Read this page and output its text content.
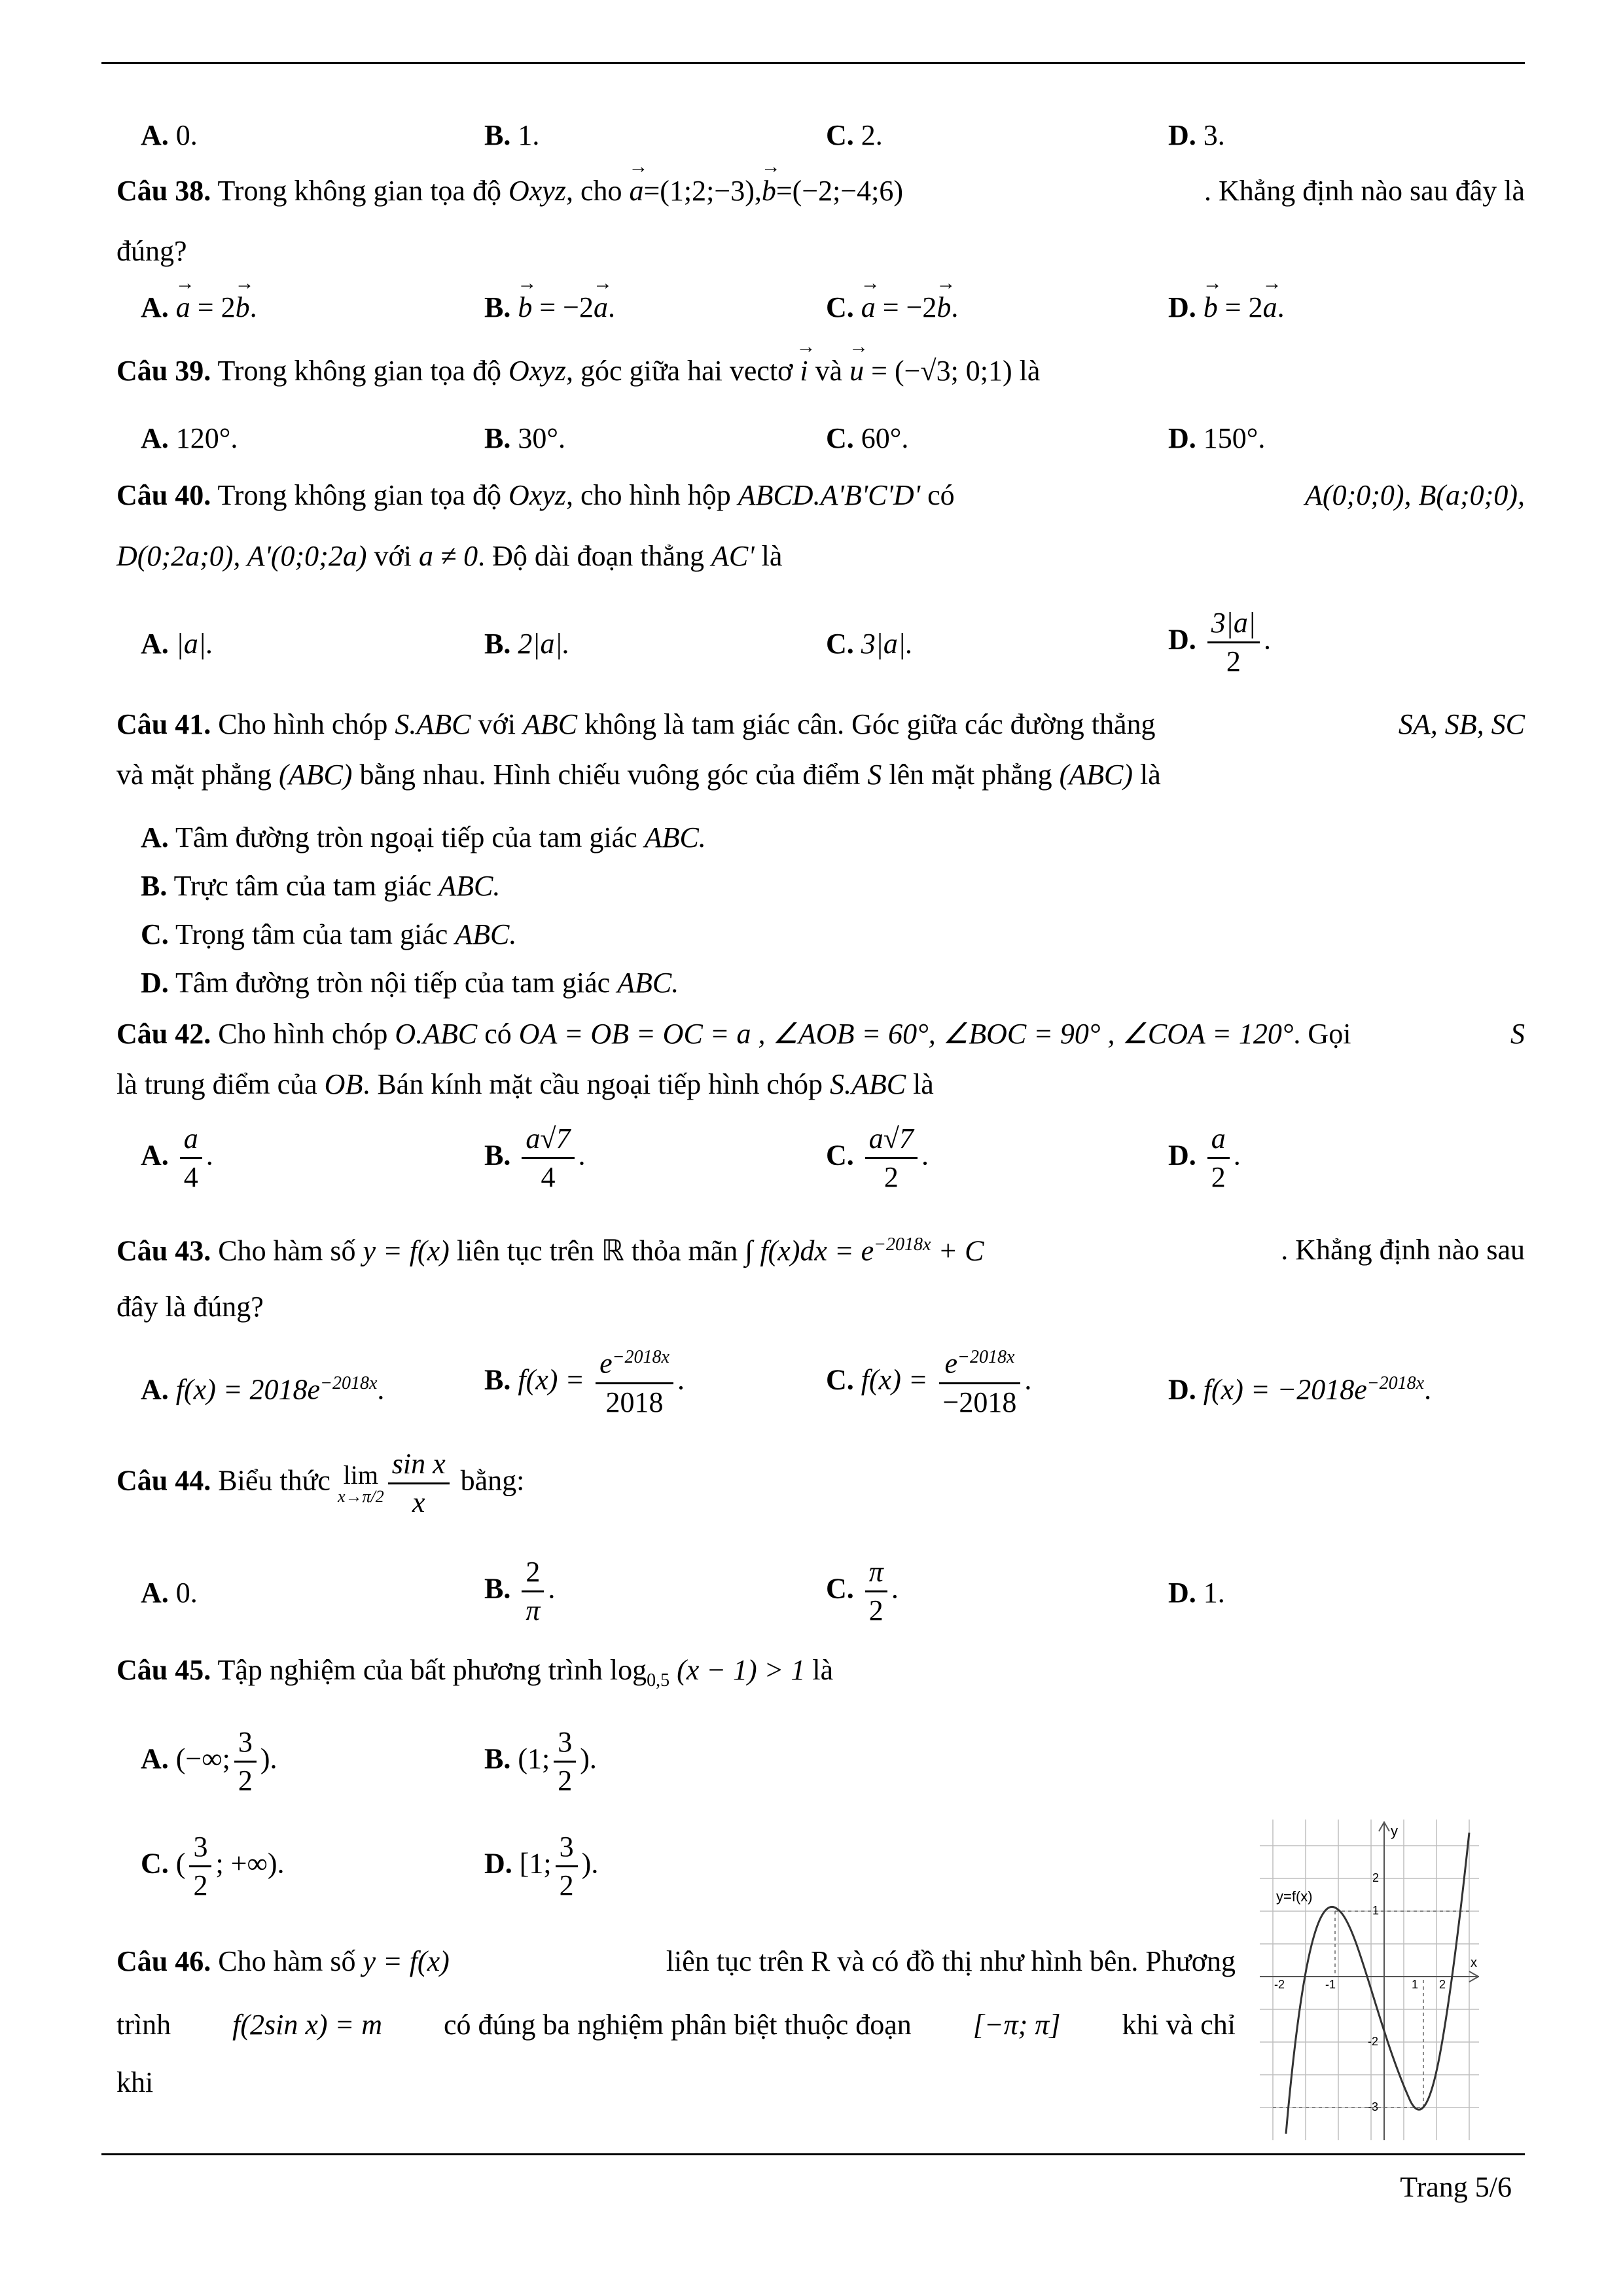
A. 0.	B. 1.	C. 2.	D. 3.
Câu 38. Trong không gian tọa độ Oxyz, cho → a=(1;2;−3),→ b=(−2;−4;6)	. Khẳng định nào sau đây là
đúng?
A. → a = 2→ b.	B. → b = −2→ a.	C. → a = −2→ b.	D. → b = 2→ a.
Câu 39. Trong không gian tọa độ Oxyz, góc giữa hai vectơ → i và → u = (−√3; 0;1) là
A. 120°.	B. 30°.	C. 60°.	D. 150°.
Câu 40. Trong không gian tọa độ Oxyz, cho hình hộp ABCD.A'B'C'D' có	A(0;0;0), B(a;0;0),
D(0;2a;0), A'(0;0;2a) với a ≠ 0. Độ dài đoạn thẳng AC' là
A. |a|.	B. 2|a|.	C. 3|a|.	D. $\frac{3|a|}{2}$ .
Câu 41. Cho hình chóp S.ABC với ABC không là tam giác cân. Góc giữa các đường thẳng	SA, SB, SC
và mặt phẳng (ABC) bằng nhau. Hình chiếu vuông góc của điểm S lên mặt phẳng (ABC) là
A. Tâm đường tròn ngoại tiếp của tam giác ABC.
B. Trực tâm của tam giác ABC.
C. Trọng tâm của tam giác ABC.
D. Tâm đường tròn nội tiếp của tam giác ABC.
Câu 42. Cho hình chóp O.ABC có OA = OB = OC = a , ∠AOB = 60°, ∠BOC = 90° , ∠COA = 120°. Gọi	S
là trung điểm của OB. Bán kính mặt cầu ngoại tiếp hình chóp S.ABC là
A. $\frac{a}{4}$ .	B. $\frac{a√7}{4}$ .	C. $\frac{a√7}{2}$ .	D. $\frac{a}{2}$ .
Câu 43. Cho hàm số y = f(x) liên tục trên ℝ thỏa mãn ∫ $f(x)dx = e^{-2018x} + C$	. Khẳng định nào sau
đây là đúng?
A. $f(x) = 2018e^{-2018x}$.	B. $f(x) = \frac{e^{-2018x}}{2018}$ .	C. $f(x) = \frac{e^{-2018x}}{-2018}$ .	D. $f(x) = -2018e^{-2018x}$.
Câu 44. Biểu thức lim
$x\to\pi/2 \frac{\text{sin x}}{x}$ bằng:
A. 0.	B. $\frac{2}{\pi}$ .	C. $\frac{\pi}{2}$ .	D. 1.
Câu 45. Tập nghiệm của bất phương trình $\log_{0,5} (x - 1) > 1$ là
A. (−∞; $\frac{3}{2}$ ).	B. (1; $\frac{3}{2}$ ).
C. ( $\frac{3}{2}$ ; +∞).	D. [1; $\frac{3}{2}$ ).
Câu 46. Cho hàm số y = f(x)	liên tục trên R và có đồ thị như hình bên. Phương
trình f(2sin x) = m có đúng ba nghiệm phân biệt thuộc đoạn [−π; π] khi và chỉ
khi
y=f(x)
y
x
2
1
-2
-3
-2	-1	1 2
Trang 5/6
